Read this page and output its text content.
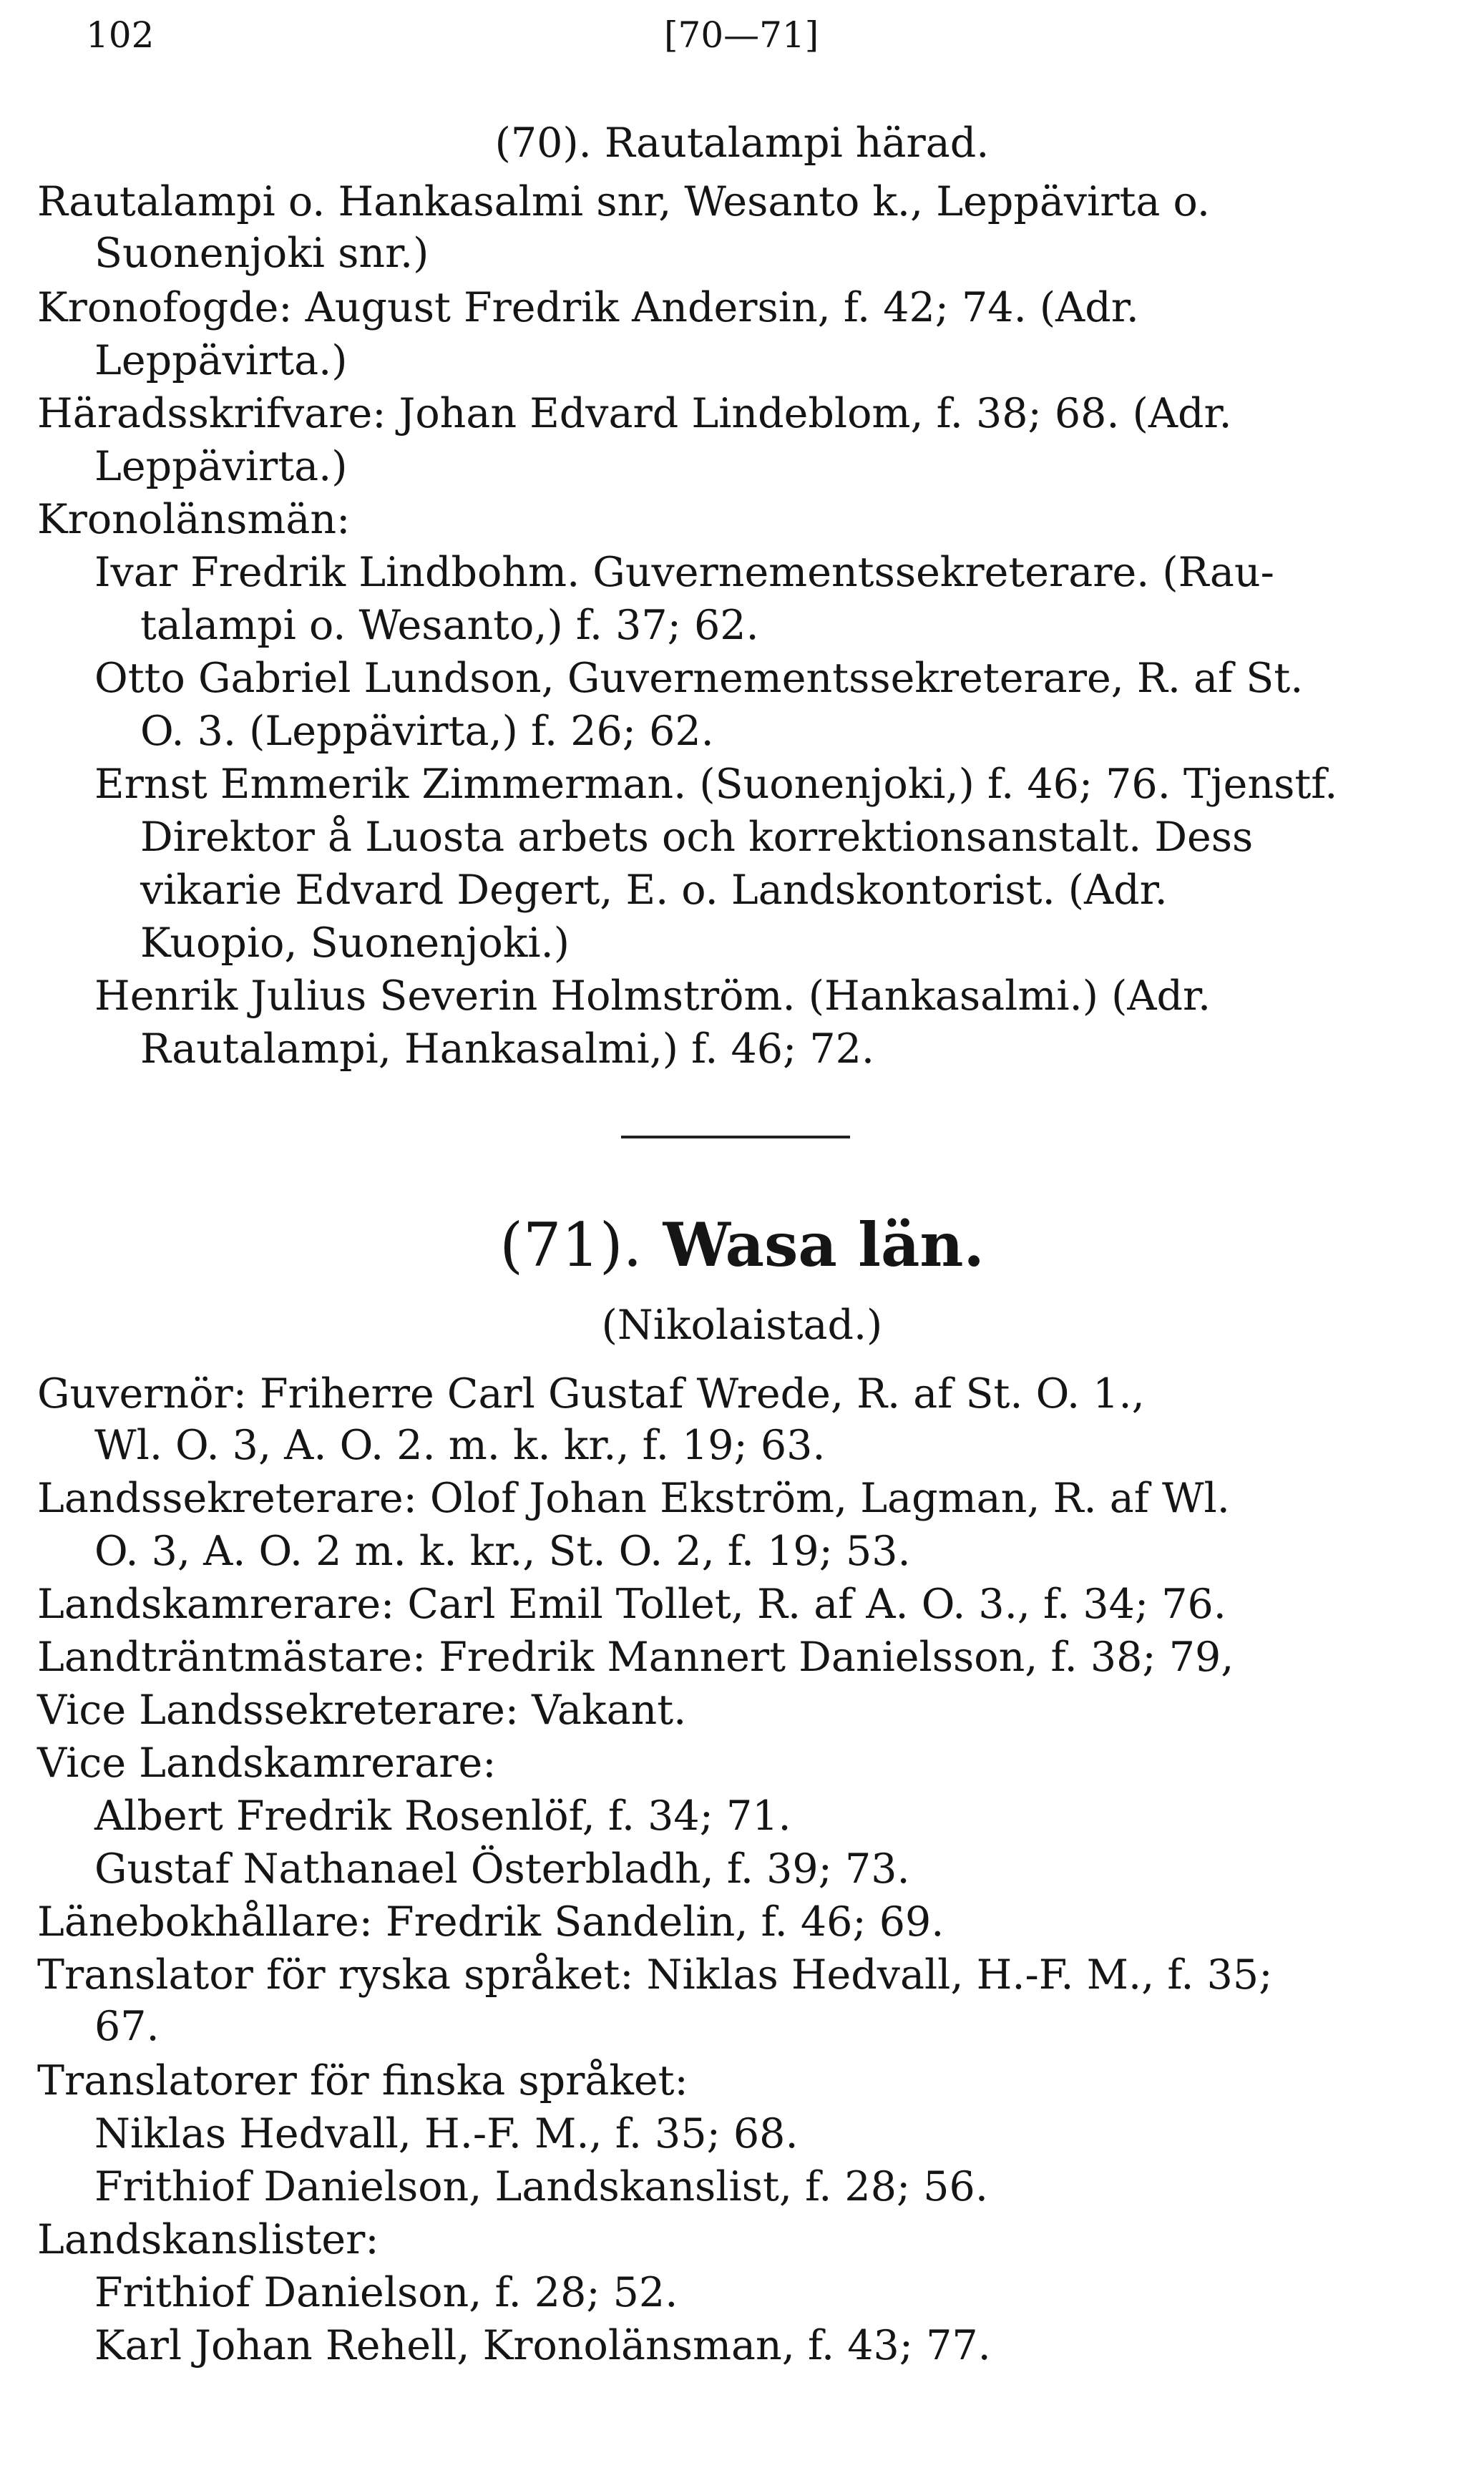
102	[70—71]
(70). Rautalampi härad.
Rautalampi o. Hankasalmi snr, Wesanto k., Leppävirta o.
Suonenjoki snr.)
Kronofogde: August Fredrik Andersin, f. 42; 74. (Adr.
Leppävirta.)
Häradsskrifvare: Johan Edvard Lindeblom, f. 38; 68. (Adr.
Leppävirta.)
Kronolänsmän:
Ivar Fredrik Lindbohm. Guvernementssekreterare. (Rau-
talampi o. Wesanto,) f. 37; 62.
Otto Gabriel Lundson, Guvernementssekreterare, R. af St.
O. 3. (Leppävirta,) f. 26; 62.
Ernst Emmerik Zimmerman. (Suonenjoki,) f. 46; 76. Tjenstf.
Direktor å Luosta arbets och korrektionsanstalt. Dess
vikarie Edvard Degert, E. o. Landskontorist. (Adr.
Kuopio, Suonenjoki.)
Henrik Julius Severin Holmström. (Hankasalmi.) (Adr.
Rautalampi, Hankasalmi,) f. 46; 72.
(71). Wasa län.
(Nikolaistad.)
Guvernör: Friherre Carl Gustaf Wrede, R. af St. O. 1.,
Wl. O. 3, A. O. 2. m. k. kr., f. 19; 63.
Landssekreterare: Olof Johan Ekström, Lagman, R. af Wl.
O. 3, A. O. 2 m. k. kr., St. O. 2, f. 19; 53.
Landskamrerare: Carl Emil Tollet, R. af A. O. 3., f. 34; 76.
Landträntmästare: Fredrik Mannert Danielsson, f. 38; 79,
Vice Landssekreterare: Vakant.
Vice Landskamrerare:
Albert Fredrik Rosenlöf, f. 34; 71.
Gustaf Nathanael Österbladh, f. 39; 73.
Länebokhållare: Fredrik Sandelin, f. 46; 69.
Translator för ryska språket: Niklas Hedvall, H.-F. M., f. 35;
67.
Translatorer för finska språket:
Niklas Hedvall, H.-F. M., f. 35; 68.
Frithiof Danielson, Landskanslist, f. 28; 56.
Landskanslister:
Frithiof Danielson, f. 28; 52.
Karl Johan Rehell, Kronolänsman, f. 43; 77.
